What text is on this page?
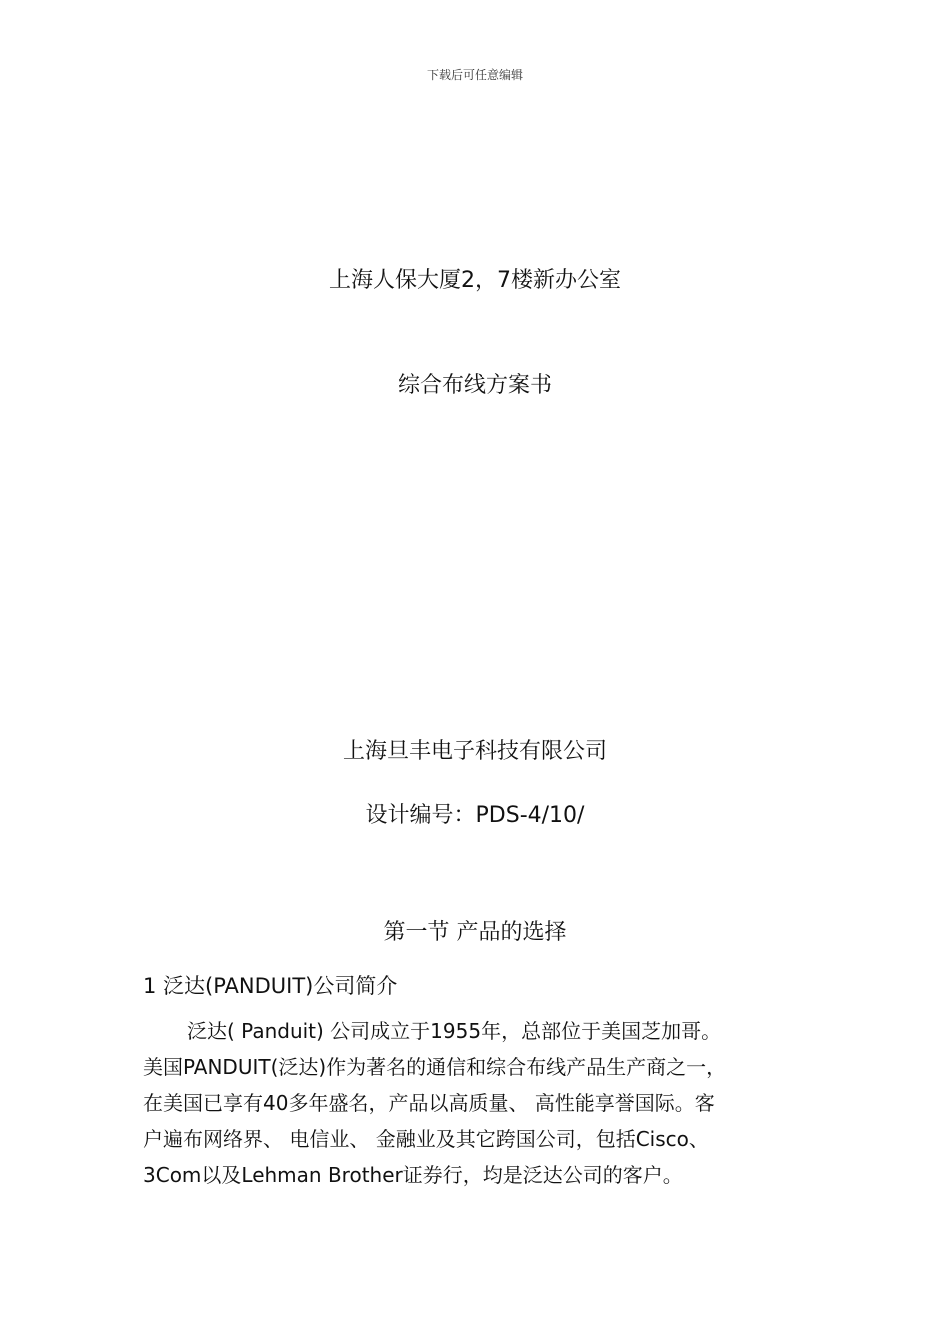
下载后可任意编辑
上海人保大厦2，7楼新办公室
综合布线方案书
上海旦丰电子科技有限公司
设计编号：PDS-4/10/
第一节 产品的选择
1 泛达(PANDUIT)公司简介
泛达( Panduit) 公司成立于1955年，总部位于美国芝加哥。
美国PANDUIT(泛达)作为著名的通信和综合布线产品生产商之一，
在美国已享有40多年盛名，产品以高质量、 高性能享誉国际。客
户遍布网络界、 电信业、 金融业及其它跨国公司，包括Cisco、
3Com以及Lehman Brother证券行，均是泛达公司的客户。
